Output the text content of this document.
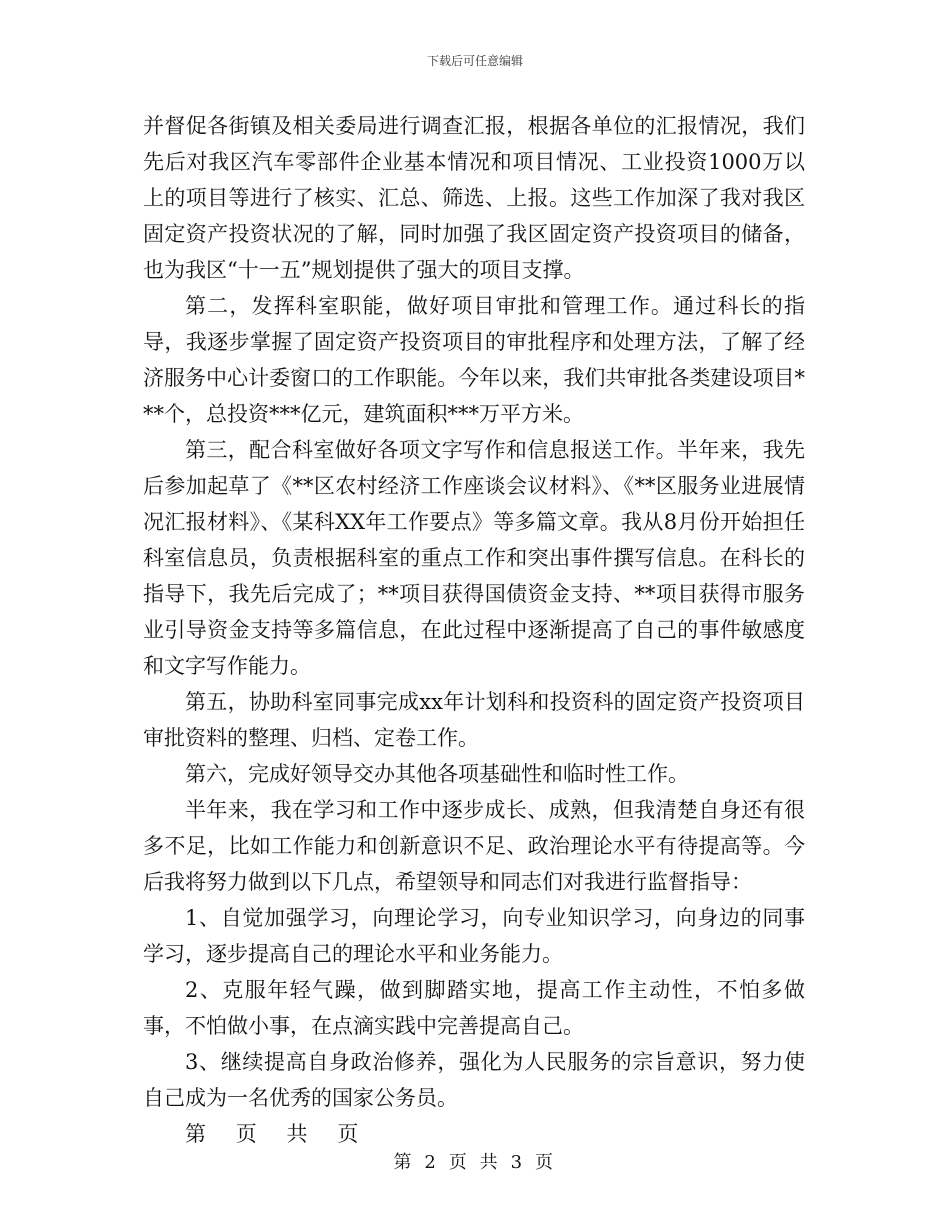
下载后可任意编辑

并督促各街镇及相关委局进行调查汇报，根据各单位的汇报情况，我们先后对我区汽车零部件企业基本情况和项目情况、工业投资1000万以上的项目等进行了核实、汇总、筛选、上报。这些工作加深了我对我区固定资产投资状况的了解，同时加强了我区固定资产投资项目的储备，也为我区“十一五”规划提供了强大的项目支撑。

第二，发挥科室职能，做好项目审批和管理工作。通过科长的指导，我逐步掌握了固定资产投资项目的审批程序和处理方法，了解了经济服务中心计委窗口的工作职能。今年以来，我们共审批各类建设项目***个，总投资***亿元，建筑面积***万平方米。

第三，配合科室做好各项文字写作和信息报送工作。半年来，我先后参加起草了《**区农村经济工作座谈会议材料》、《**区服务业进展情况汇报材料》、《某科XX年工作要点》等多篇文章。我从8月份开始担任科室信息员，负责根据科室的重点工作和突出事件撰写信息。在科长的指导下，我先后完成了；**项目获得国债资金支持、**项目获得市服务业引导资金支持等多篇信息，在此过程中逐渐提高了自己的事件敏感度和文字写作能力。

第五，协助科室同事完成xx年计划科和投资科的固定资产投资项目审批资料的整理、归档、定卷工作。

第六，完成好领导交办其他各项基础性和临时性工作。

半年来，我在学习和工作中逐步成长、成熟，但我清楚自身还有很多不足，比如工作能力和创新意识不足、政治理论水平有待提高等。今后我将努力做到以下几点，希望领导和同志们对我进行监督指导：

1、自觉加强学习，向理论学习，向专业知识学习，向身边的同事学习，逐步提高自己的理论水平和业务能力。

2、克服年轻气躁，做到脚踏实地，提高工作主动性，不怕多做事，不怕做小事，在点滴实践中完善提高自己。

3、继续提高自身政治修养，强化为人民服务的宗旨意识，努力使自己成为一名优秀的国家公务员。

第 页 共 页

第 2 页 共 3 页
